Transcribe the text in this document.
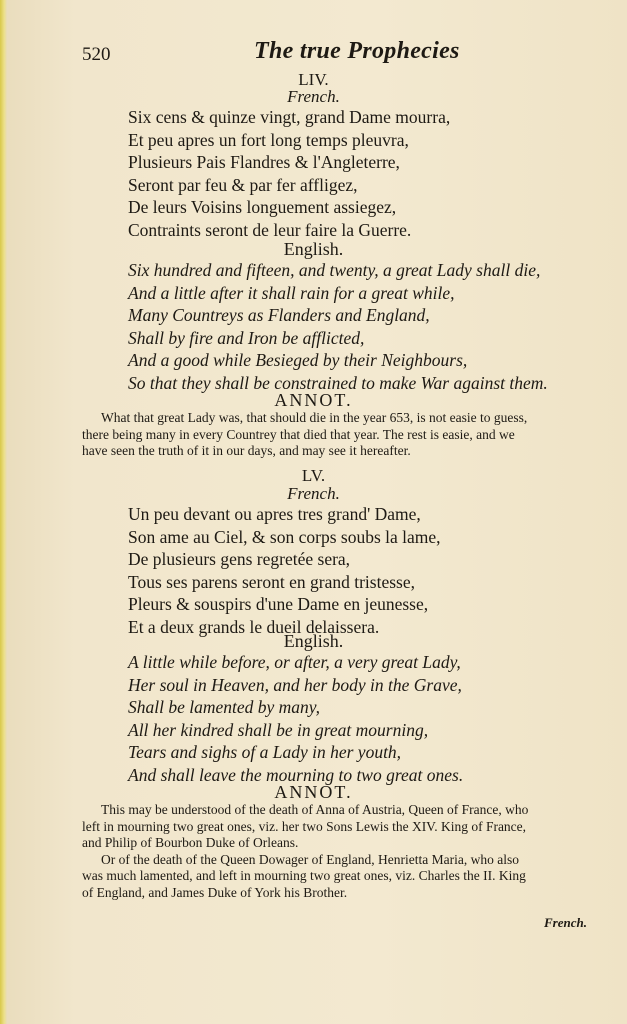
520	The true Prophecies
LIV.
French.
Six cens & quinze vingt, grand Dame mourra,
Et peu apres un fort long temps pleuvra,
Plusieurs Pais Flandres & l'Angleterre,
Seront par feu & par fer affligez,
De leurs Voisins longuement assiegez,
Contraints seront de leur faire la Guerre.
English.
Six hundred and fifteen, and twenty, a great Lady shall die,
And a little after it shall rain for a great while,
Many Countreys as Flanders and England,
Shall by fire and Iron be afflicted,
And a good while Besieged by their Neighbours,
So that they shall be constrained to make War against them.
ANNOT.
What that great Lady was, that should die in the year 653, is not easie to guess,
there being many in every Countrey that died that year. The rest is easie, and we
have seen the truth of it in our days, and may see it hereafter.
LV.
French.
Un peu devant ou apres tres grand' Dame,
Son ame au Ciel, & son corps soubs la lame,
De plusieurs gens regretée sera,
Tous ses parens seront en grand tristesse,
Pleurs & souspirs d'une Dame en jeunesse,
Et a deux grands le dueil delaissera.
English.
A little while before, or after, a very great Lady,
Her soul in Heaven, and her body in the Grave,
Shall be lamented by many,
All her kindred shall be in great mourning,
Tears and sighs of a Lady in her youth,
And shall leave the mourning to two great ones.
ANNOT.
This may be understood of the death of Anna of Austria, Queen of France, who
left in mourning two great ones, viz. her two Sons Lewis the XIV. King of France,
and Philip of Bourbon Duke of Orleans.
Or of the death of the Queen Dowager of England, Henrietta Maria, who also
was much lamented, and left in mourning two great ones, viz. Charles the II. King
of England, and James Duke of York his Brother.
French.
